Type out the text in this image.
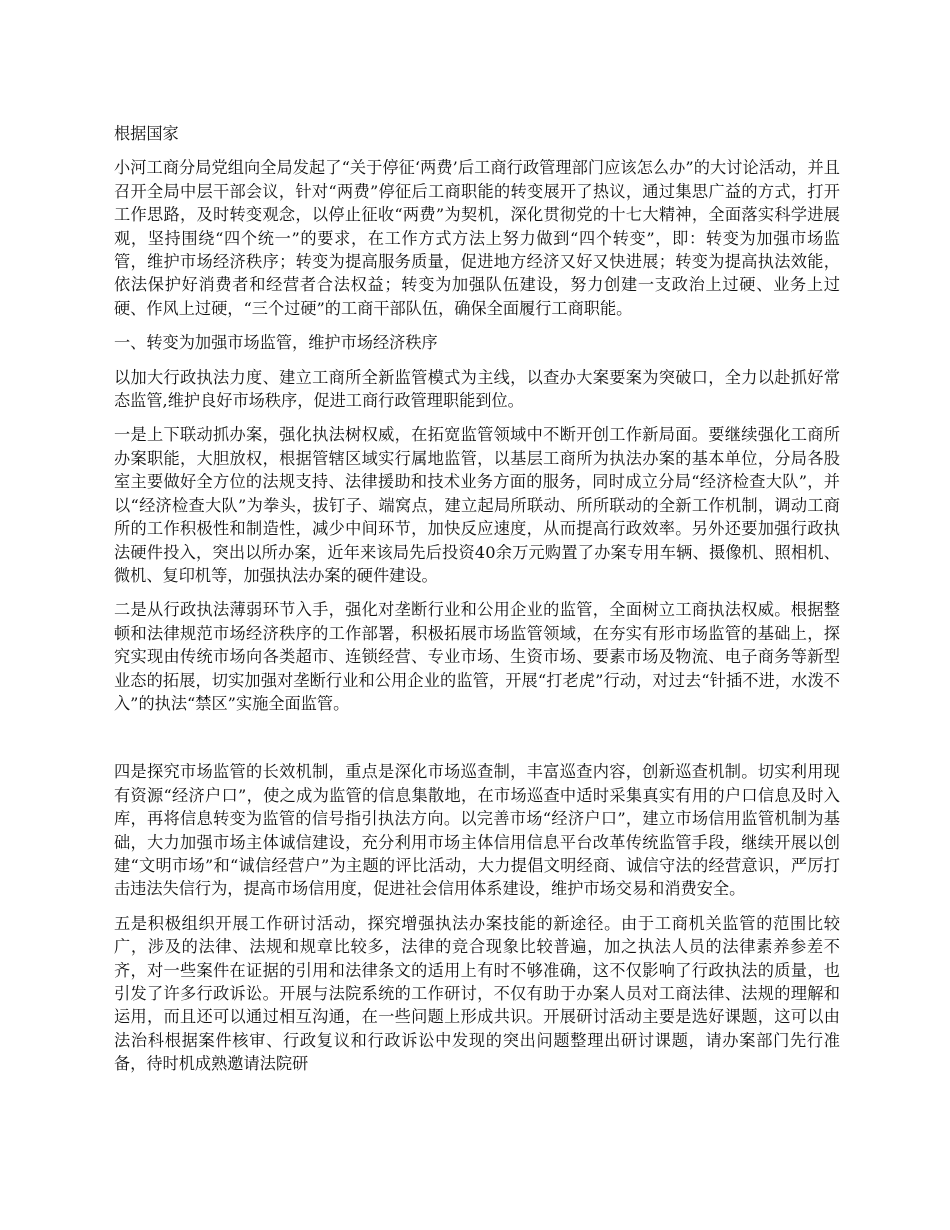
根据国家

小河工商分局党组向全局发起了“关于停征‘两费’后工商行政管理部门应该怎么办”的大讨论活动，并且召开全局中层干部会议，针对“两费”停征后工商职能的转变展开了热议，通过集思广益的方式，打开工作思路，及时转变观念，以停止征收“两费”为契机，深化贯彻党的十七大精神，全面落实科学进展观，坚持围绕“四个统一”的要求，在工作方式方法上努力做到“四个转变”，即：转变为加强市场监管，维护市场经济秩序；转变为提高服务质量，促进地方经济又好又快进展；转变为提高执法效能，依法保护好消费者和经营者合法权益；转变为加强队伍建设，努力创建一支政治上过硬、业务上过硬、作风上过硬，“三个过硬”的工商干部队伍，确保全面履行工商职能。

一、转变为加强市场监管，维护市场经济秩序

以加大行政执法力度、建立工商所全新监管模式为主线，以查办大案要案为突破口，全力以赴抓好常态监管,维护良好市场秩序，促进工商行政管理职能到位。

一是上下联动抓办案，强化执法树权威，在拓宽监管领域中不断开创工作新局面。要继续强化工商所办案职能，大胆放权，根据管辖区域实行属地监管，以基层工商所为执法办案的基本单位，分局各股室主要做好全方位的法规支持、法律援助和技术业务方面的服务，同时成立分局“经济检查大队”，并以“经济检查大队”为拳头，拔钉子、端窝点，建立起局所联动、所所联动的全新工作机制，调动工商所的工作积极性和制造性，减少中间环节，加快反应速度，从而提高行政效率。另外还要加强行政执法硬件投入，突出以所办案，近年来该局先后投资40余万元购置了办案专用车辆、摄像机、照相机、微机、复印机等，加强执法办案的硬件建设。

二是从行政执法薄弱环节入手，强化对垄断行业和公用企业的监管，全面树立工商执法权威。根据整顿和法律规范市场经济秩序的工作部署，积极拓展市场监管领域，在夯实有形市场监管的基础上，探究实现由传统市场向各类超市、连锁经营、专业市场、生资市场、要素市场及物流、电子商务等新型业态的拓展，切实加强对垄断行业和公用企业的监管，开展“打老虎”行动，对过去“针插不进，水泼不入”的执法“禁区”实施全面监管。

四是探究市场监管的长效机制，重点是深化市场巡查制，丰富巡查内容，创新巡查机制。切实利用现有资源“经济户口”，使之成为监管的信息集散地，在市场巡查中适时采集真实有用的户口信息及时入库，再将信息转变为监管的信号指引执法方向。以完善市场“经济户口”，建立市场信用监管机制为基础，大力加强市场主体诚信建设，充分利用市场主体信用信息平台改革传统监管手段，继续开展以创建“文明市场”和“诚信经营户”为主题的评比活动，大力提倡文明经商、诚信守法的经营意识，严厉打击违法失信行为，提高市场信用度，促进社会信用体系建设，维护市场交易和消费安全。

五是积极组织开展工作研讨活动，探究增强执法办案技能的新途径。由于工商机关监管的范围比较广，涉及的法律、法规和规章比较多，法律的竞合现象比较普遍，加之执法人员的法律素养参差不齐，对一些案件在证据的引用和法律条文的适用上有时不够准确，这不仅影响了行政执法的质量，也引发了许多行政诉讼。开展与法院系统的工作研讨，不仅有助于办案人员对工商法律、法规的理解和运用，而且还可以通过相互沟通，在一些问题上形成共识。开展研讨活动主要是选好课题，这可以由法治科根据案件核审、行政复议和行政诉讼中发现的突出问题整理出研讨课题，请办案部门先行准备，待时机成熟邀请法院研
